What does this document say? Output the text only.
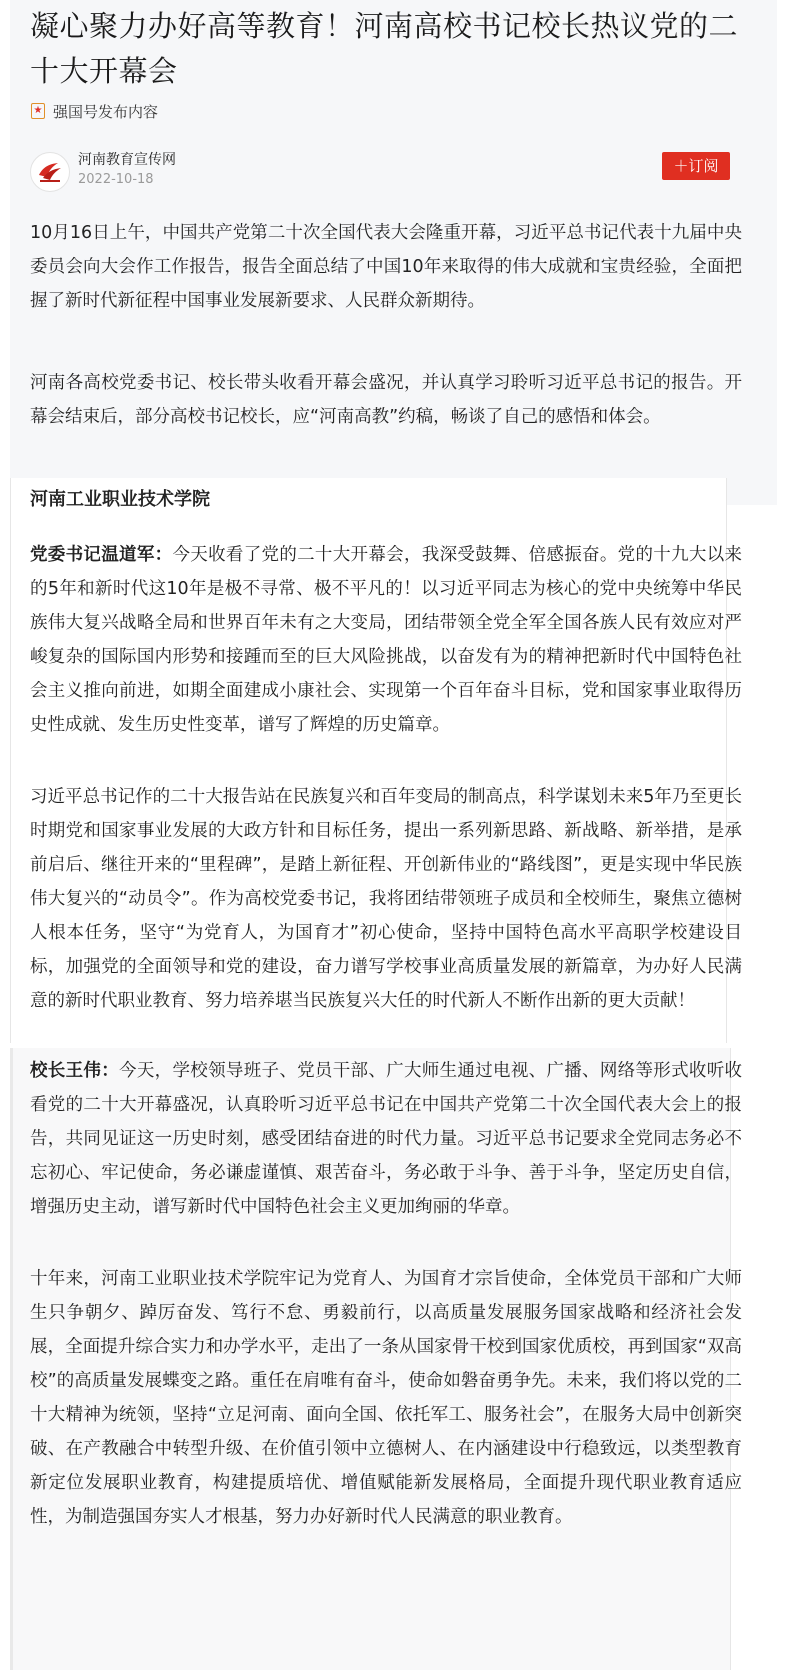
凝心聚力办好高等教育！河南高校书记校长热议党的二十大开幕会
★ 强国号发布内容
河南教育宣传网
2022-10-18
＋订阅

10月16日上午，中国共产党第二十次全国代表大会隆重开幕，习近平总书记代表十九届中央委员会向大会作工作报告，报告全面总结了中国10年来取得的伟大成就和宝贵经验，全面把握了新时代新征程中国事业发展新要求、人民群众新期待。

河南各高校党委书记、校长带头收看开幕会盛况，并认真学习聆听习近平总书记的报告。开幕会结束后，部分高校书记校长，应“河南高教”约稿，畅谈了自己的感悟和体会。

河南工业职业技术学院

党委书记温道军：今天收看了党的二十大开幕会，我深受鼓舞、倍感振奋。党的十九大以来的5年和新时代这10年是极不寻常、极不平凡的！以习近平同志为核心的党中央统筹中华民族伟大复兴战略全局和世界百年未有之大变局，团结带领全党全军全国各族人民有效应对严峻复杂的国际国内形势和接踵而至的巨大风险挑战，以奋发有为的精神把新时代中国特色社会主义推向前进，如期全面建成小康社会、实现第一个百年奋斗目标，党和国家事业取得历史性成就、发生历史性变革，谱写了辉煌的历史篇章。

习近平总书记作的二十大报告站在民族复兴和百年变局的制高点，科学谋划未来5年乃至更长时期党和国家事业发展的大政方针和目标任务，提出一系列新思路、新战略、新举措，是承前启后、继往开来的“里程碑”，是踏上新征程、开创新伟业的“路线图”，更是实现中华民族伟大复兴的“动员令”。作为高校党委书记，我将团结带领班子成员和全校师生，聚焦立德树人根本任务，坚守“为党育人，为国育才”初心使命，坚持中国特色高水平高职学校建设目标，加强党的全面领导和党的建设，奋力谱写学校事业高质量发展的新篇章，为办好人民满意的新时代职业教育、努力培养堪当民族复兴大任的时代新人不断作出新的更大贡献！

校长王伟：今天，学校领导班子、党员干部、广大师生通过电视、广播、网络等形式收听收看党的二十大开幕盛况，认真聆听习近平总书记在中国共产党第二十次全国代表大会上的报告，共同见证这一历史时刻，感受团结奋进的时代力量。习近平总书记要求全党同志务必不忘初心、牢记使命，务必谦虚谨慎、艰苦奋斗，务必敢于斗争、善于斗争，坚定历史自信，增强历史主动，谱写新时代中国特色社会主义更加绚丽的华章。

十年来，河南工业职业技术学院牢记为党育人、为国育才宗旨使命，全体党员干部和广大师生只争朝夕、踔厉奋发、笃行不怠、勇毅前行，以高质量发展服务国家战略和经济社会发展，全面提升综合实力和办学水平，走出了一条从国家骨干校到国家优质校，再到国家“双高校”的高质量发展蝶变之路。重任在肩唯有奋斗，使命如磐奋勇争先。未来，我们将以党的二十大精神为统领，坚持“立足河南、面向全国、依托军工、服务社会”，在服务大局中创新突破、在产教融合中转型升级、在价值引领中立德树人、在内涵建设中行稳致远，以类型教育新定位发展职业教育，构建提质培优、增值赋能新发展格局，全面提升现代职业教育适应性，为制造强国夯实人才根基，努力办好新时代人民满意的职业教育。
